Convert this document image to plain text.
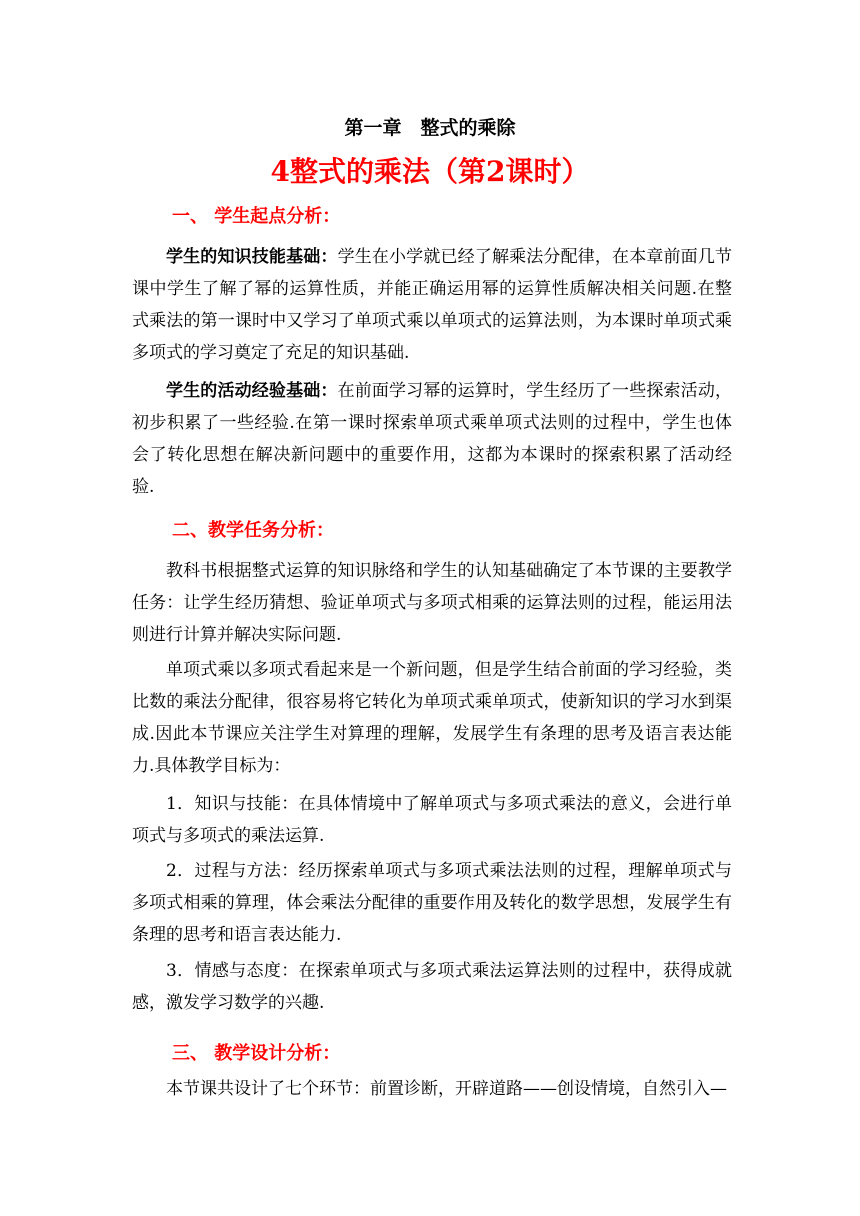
第一章　整式的乘除
4整式的乘法（第2课时）
一、 学生起点分析：

学生的知识技能基础：学生在小学就已经了解乘法分配律，在本章前面几节课中学生了解了幂的运算性质，并能正确运用幂的运算性质解决相关问题.在整式乘法的第一课时中又学习了单项式乘以单项式的运算法则，为本课时单项式乘多项式的学习奠定了充足的知识基础.

学生的活动经验基础：在前面学习幂的运算时，学生经历了一些探索活动，初步积累了一些经验.在第一课时探索单项式乘单项式法则的过程中，学生也体会了转化思想在解决新问题中的重要作用，这都为本课时的探索积累了活动经验.

二、教学任务分析：

教科书根据整式运算的知识脉络和学生的认知基础确定了本节课的主要教学任务：让学生经历猜想、验证单项式与多项式相乘的运算法则的过程，能运用法则进行计算并解决实际问题.

单项式乘以多项式看起来是一个新问题，但是学生结合前面的学习经验，类比数的乘法分配律，很容易将它转化为单项式乘单项式，使新知识的学习水到渠成.因此本节课应关注学生对算理的理解，发展学生有条理的思考及语言表达能力.具体教学目标为：

1．知识与技能：在具体情境中了解单项式与多项式乘法的意义，会进行单项式与多项式的乘法运算.

2．过程与方法：经历探索单项式与多项式乘法法则的过程，理解单项式与多项式相乘的算理，体会乘法分配律的重要作用及转化的数学思想，发展学生有条理的思考和语言表达能力.

3．情感与态度：在探索单项式与多项式乘法运算法则的过程中，获得成就感，激发学习数学的兴趣.

三、 教学设计分析：

本节课共设计了七个环节：前置诊断，开辟道路——创设情境，自然引入—
